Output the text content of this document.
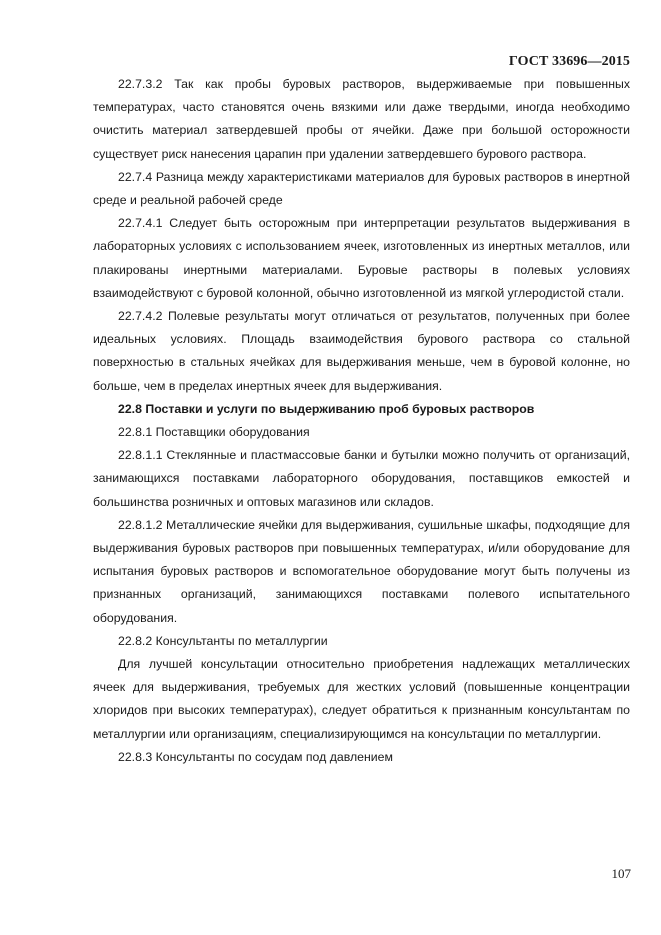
ГОСТ 33696—2015

22.7.3.2 Так как пробы буровых растворов, выдерживаемые при повышенных температурах, часто становятся очень вязкими или даже твердыми, иногда необходимо очистить материал затвердевшей пробы от ячейки. Даже при большой осторожности существует риск нанесения царапин при удалении затвердевшего бурового раствора.

22.7.4 Разница между характеристиками материалов для буровых растворов в инертной среде и реальной рабочей среде

22.7.4.1 Следует быть осторожным при интерпретации результатов выдерживания в лабораторных условиях с использованием ячеек, изготовленных из инертных металлов, или плакированы инертными материалами. Буровые растворы в полевых условиях взаимодействуют с буровой колонной, обычно изготовленной из мягкой углеродистой стали.

22.7.4.2 Полевые результаты могут отличаться от результатов, полученных при более идеальных условиях. Площадь взаимодействия бурового раствора со стальной поверхностью в стальных ячейках для выдерживания меньше, чем в буровой колонне, но больше, чем в пределах инертных ячеек для выдерживания.

22.8 Поставки и услуги по выдерживанию проб буровых растворов

22.8.1 Поставщики оборудования

22.8.1.1 Стеклянные и пластмассовые банки и бутылки можно получить от организаций, занимающихся поставками лабораторного оборудования, поставщиков емкостей и большинства розничных и оптовых магазинов или складов.

22.8.1.2 Металлические ячейки для выдерживания, сушильные шкафы, подходящие для выдерживания буровых растворов при повышенных температурах, и/или оборудование для испытания буровых растворов и вспомогательное оборудование могут быть получены из признанных организаций, занимающихся поставками полевого испытательного оборудования.

22.8.2 Консультанты по металлургии

Для лучшей консультации относительно приобретения надлежащих металлических ячеек для выдерживания, требуемых для жестких условий (повышенные концентрации хлоридов при высоких температурах), следует обратиться к признанным консультантам по металлургии или организациям, специализирующимся на консультации по металлургии.

22.8.3 Консультанты по сосудам под давлением

107
